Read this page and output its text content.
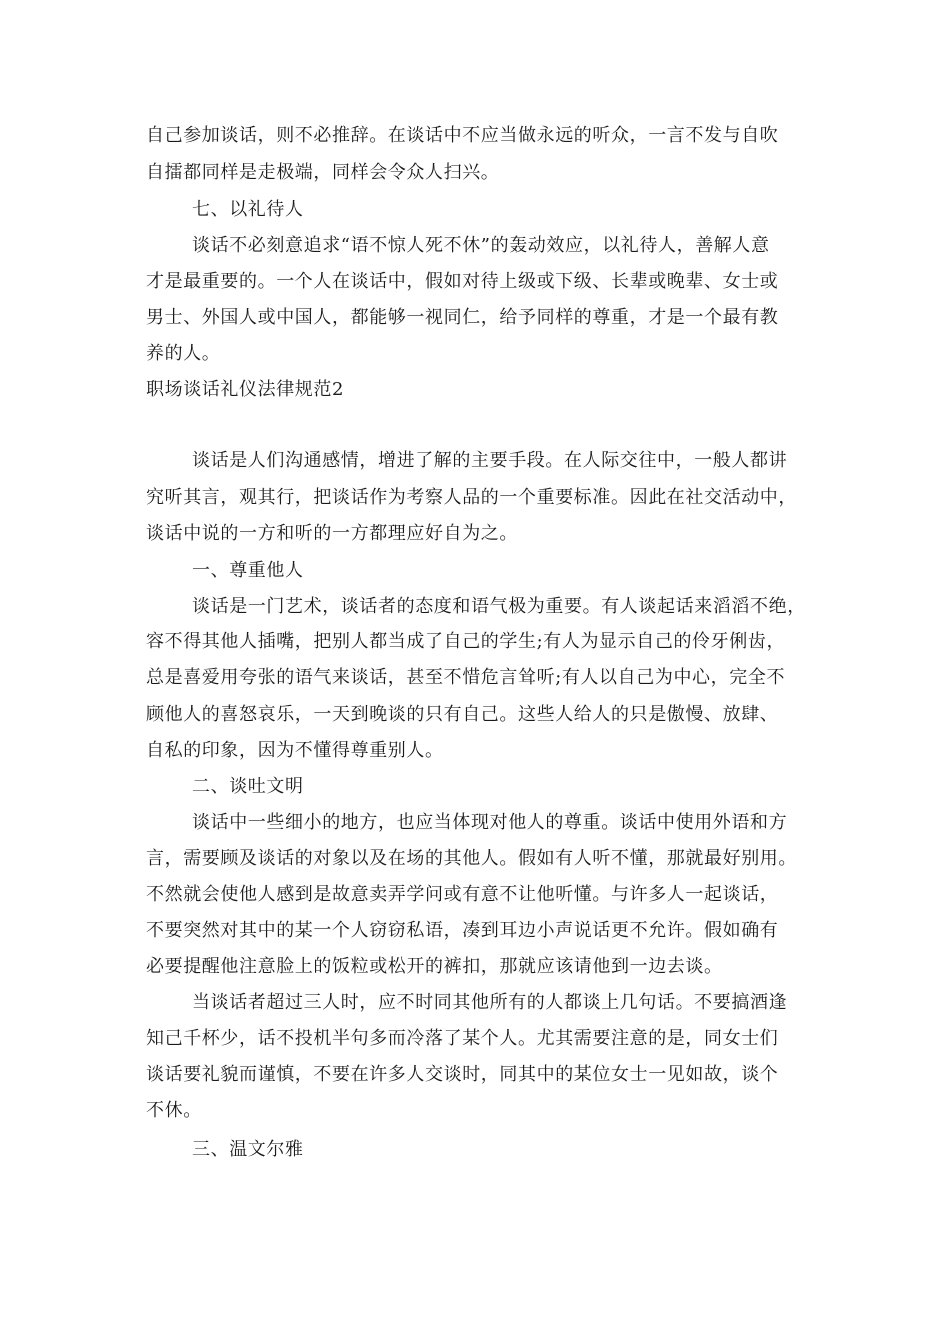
自己参加谈话，则不必推辞。在谈话中不应当做永远的听众，一言不发与自吹
自擂都同样是走极端，同样会令众人扫兴。
七、以礼待人
谈话不必刻意追求“语不惊人死不休”的轰动效应，以礼待人，善解人意
才是最重要的。一个人在谈话中，假如对待上级或下级、长辈或晚辈、女士或
男士、外国人或中国人，都能够一视同仁，给予同样的尊重，才是一个最有教
养的人。
职场谈话礼仪法律规范2
谈话是人们沟通感情，增进了解的主要手段。在人际交往中，一般人都讲
究听其言，观其行，把谈话作为考察人品的一个重要标准。因此在社交活动中，
谈话中说的一方和听的一方都理应好自为之。
一、尊重他人
谈话是一门艺术，谈话者的态度和语气极为重要。有人谈起话来滔滔不绝，
容不得其他人插嘴，把别人都当成了自己的学生;有人为显示自己的伶牙俐齿，
总是喜爱用夸张的语气来谈话，甚至不惜危言耸听;有人以自己为中心，完全不
顾他人的喜怒哀乐，一天到晚谈的只有自己。这些人给人的只是傲慢、放肆、
自私的印象，因为不懂得尊重别人。
二、谈吐文明
谈话中一些细小的地方，也应当体现对他人的尊重。谈话中使用外语和方
言，需要顾及谈话的对象以及在场的其他人。假如有人听不懂，那就最好别用。
不然就会使他人感到是故意卖弄学问或有意不让他听懂。与许多人一起谈话，
不要突然对其中的某一个人窃窃私语，凑到耳边小声说话更不允许。假如确有
必要提醒他注意脸上的饭粒或松开的裤扣，那就应该请他到一边去谈。
当谈话者超过三人时，应不时同其他所有的人都谈上几句话。不要搞酒逢
知己千杯少，话不投机半句多而冷落了某个人。尤其需要注意的是，同女士们
谈话要礼貌而谨慎，不要在许多人交谈时，同其中的某位女士一见如故，谈个
不休。
三、温文尔雅
